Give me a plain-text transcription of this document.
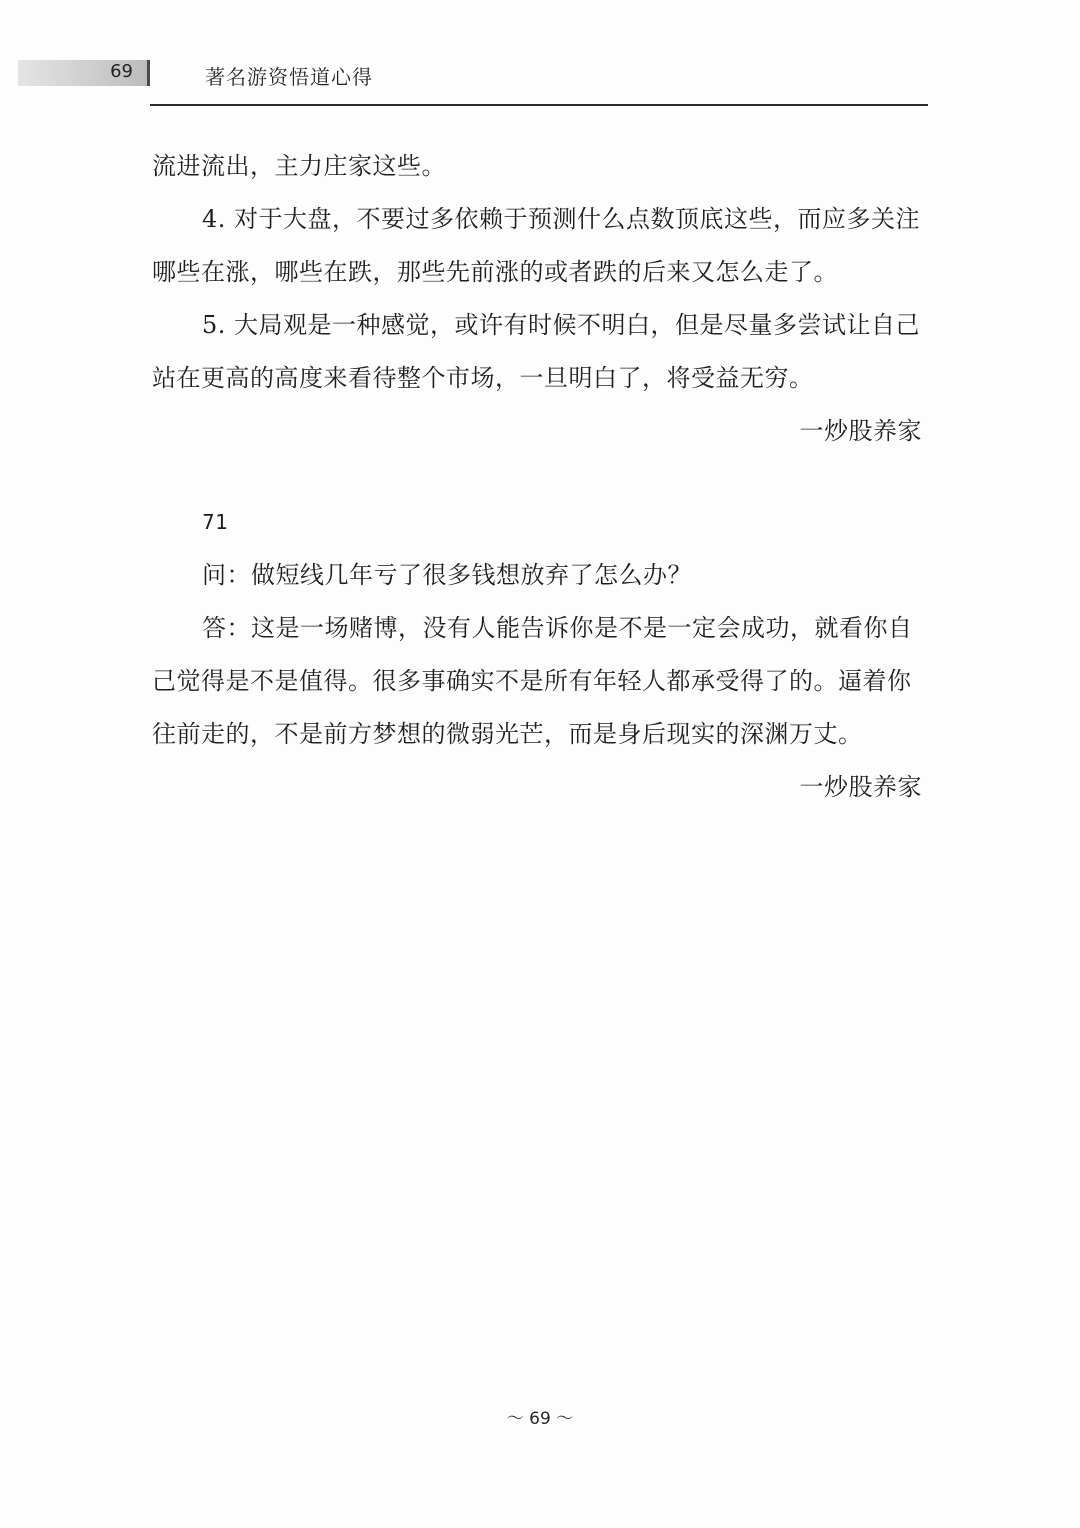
69	著名游资悟道心得

流进流出，主力庄家这些。

4. 对于大盘，不要过多依赖于预测什么点数顶底这些，而应多关注哪些在涨，哪些在跌，那些先前涨的或者跌的后来又怎么走了。

5. 大局观是一种感觉，或许有时候不明白，但是尽量多尝试让自己站在更高的高度来看待整个市场，一旦明白了，将受益无穷。

一炒股养家

71

问：做短线几年亏了很多钱想放弃了怎么办？

答：这是一场赌博，没有人能告诉你是不是一定会成功，就看你自己觉得是不是值得。很多事确实不是所有年轻人都承受得了的。逼着你往前走的，不是前方梦想的微弱光芒，而是身后现实的深渊万丈。

一炒股养家

～ 69 ～
